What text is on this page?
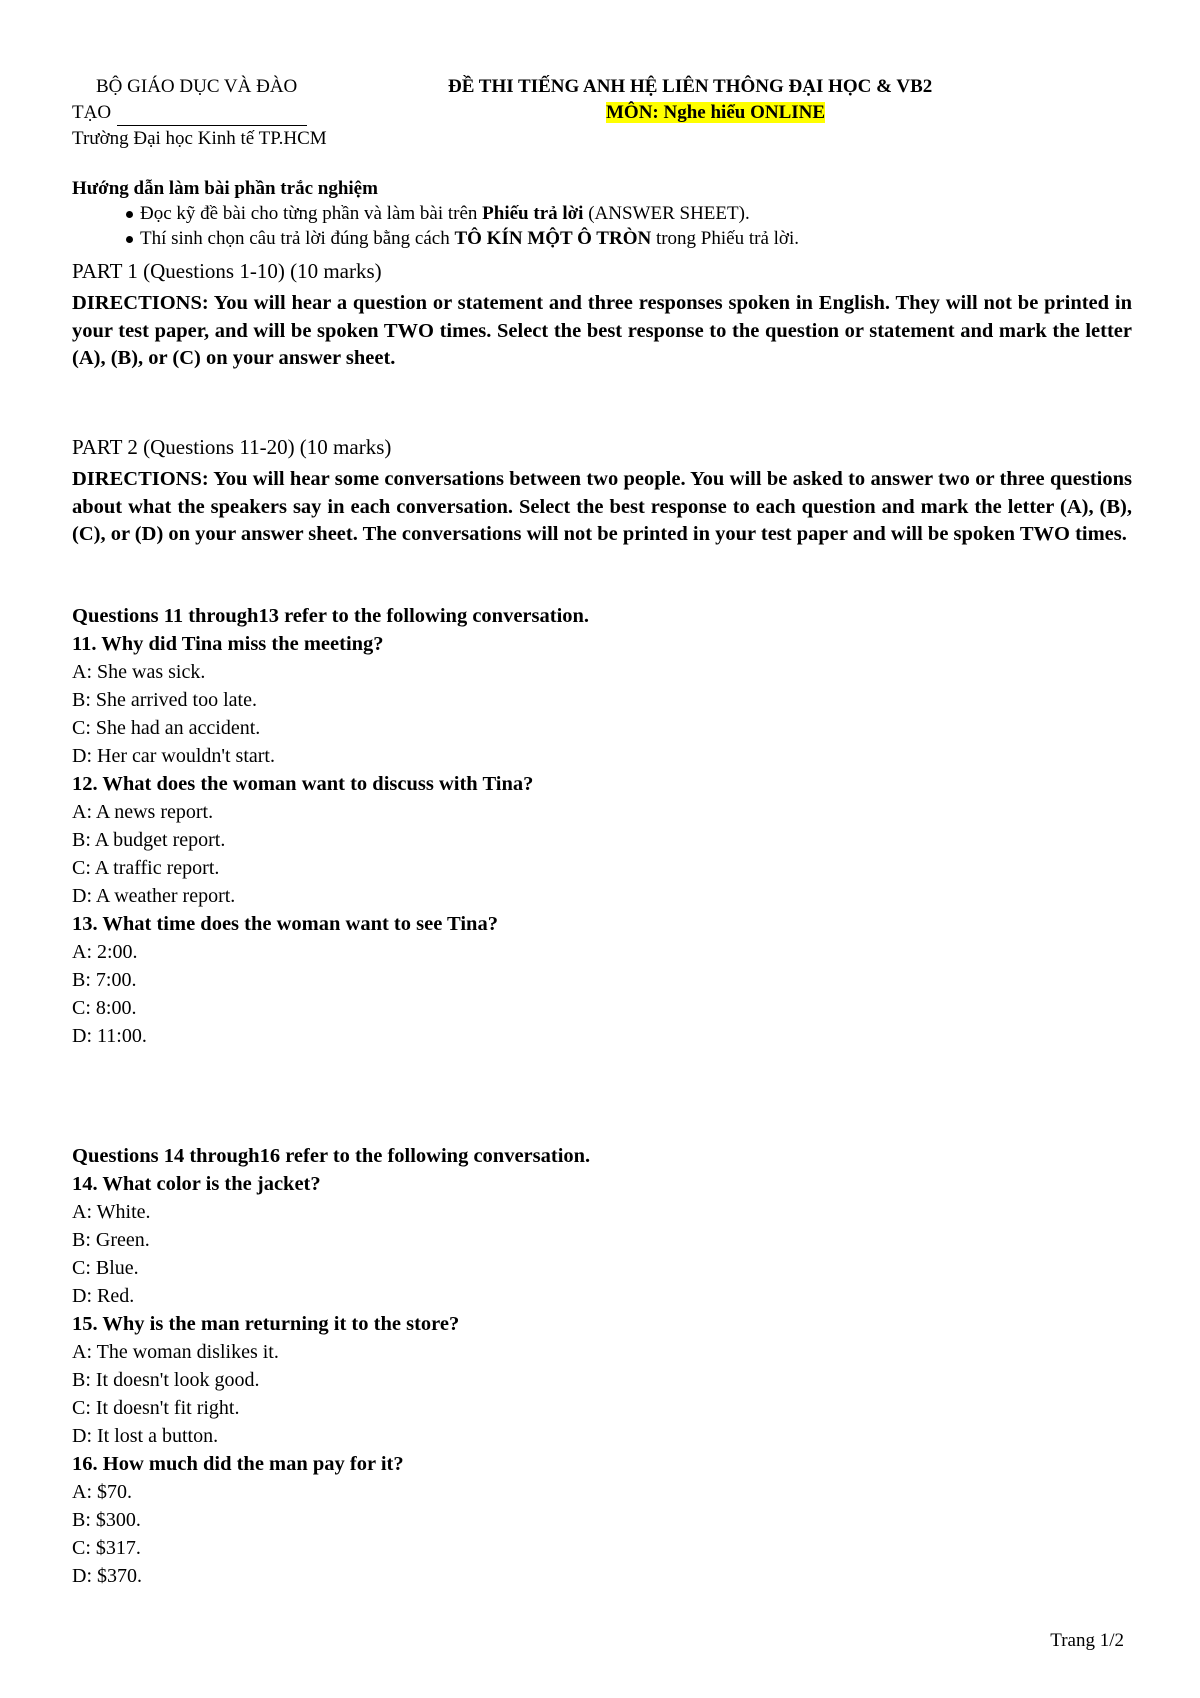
BỘ GIÁO DỤC VÀ ĐÀO
TẠO
Trường Đại học Kinh tế TP.HCM
ĐỀ THI TIẾNG ANH HỆ LIÊN THÔNG ĐẠI HỌC & VB2
MÔN: Nghe hiểu ONLINE
Hướng dẫn làm bài phần trắc nghiệm
Đọc kỹ đề bài cho từng phần và làm bài trên Phiếu trả lời (ANSWER SHEET).
Thí sinh chọn câu trả lời đúng bằng cách TÔ KÍN MỘT Ô TRÒN trong Phiếu trả lời.
PART 1 (Questions 1-10) (10 marks)
DIRECTIONS: You will hear a question or statement and three responses spoken in English. They will not be printed in your test paper, and will be spoken TWO times. Select the best response to the question or statement and mark the letter (A), (B), or (C) on your answer sheet.
PART 2 (Questions 11-20) (10 marks)
DIRECTIONS: You will hear some conversations between two people. You will be asked to answer two or three questions about what the speakers say in each conversation. Select the best response to each question and mark the letter (A), (B), (C), or (D) on your answer sheet. The conversations will not be printed in your test paper and will be spoken TWO times.
Questions 11 through13 refer to the following conversation.
11. Why did Tina miss the meeting?
A: She was sick.
B: She arrived too late.
C: She had an accident.
D: Her car wouldn't start.
12. What does the woman want to discuss with Tina?
A: A news report.
B: A budget report.
C: A traffic report.
D: A weather report.
13. What time does the woman want to see Tina?
A: 2:00.
B: 7:00.
C: 8:00.
D: 11:00.
Questions 14 through16 refer to the following conversation.
14. What color is the jacket?
A: White.
B: Green.
C: Blue.
D: Red.
15. Why is the man returning it to the store?
A: The woman dislikes it.
B: It doesn't look good.
C: It doesn't fit right.
D: It lost a button.
16. How much did the man pay for it?
A: $70.
B: $300.
C: $317.
D: $370.
Trang 1/2
